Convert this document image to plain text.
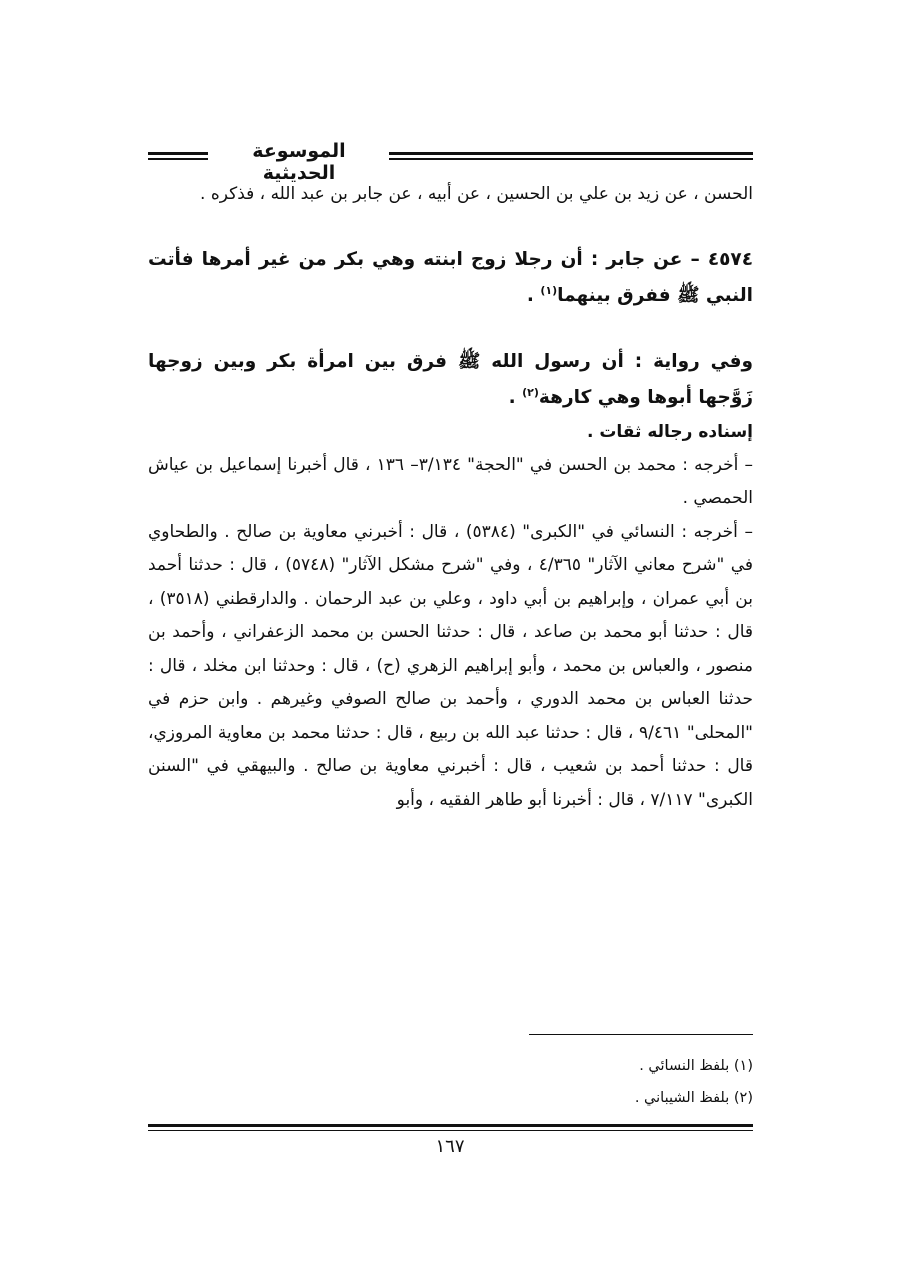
الموسوعة الحديثية

الحسن ، عن زيد بن علي بن الحسين ، عن أبيه ، عن جابر بن عبد الله ، فذكره .

٤٥٧٤ – عن جابر : أن رجلا زوج ابنته وهي بكر من غير أمرها فأتت النبي ﷺ ففرق بينهما$^{(١)}$ .

وفي رواية : أن رسول الله ﷺ فرق بين امرأة بكر وبين زوجها زَوَّجها أبوها وهي كارهة$^{(٢)}$ .

إسناده رجاله ثقات .

– أخرجه : محمد بن الحسن في "الحجة" ٣/١٣٤– ١٣٦ ، قال أخبرنا إسماعيل بن عياش الحمصي .

– أخرجه : النسائي في "الكبرى" (٥٣٨٤) ، قال : أخبرني معاوية بن صالح . والطحاوي في "شرح معاني الآثار" ٤/٣٦٥ ، وفي "شرح مشكل الآثار" (٥٧٤٨) ، قال : حدثنا أحمد بن أبي عمران ، وإبراهيم بن أبي داود ، وعلي بن عبد الرحمان . والدارقطني (٣٥١٨) ، قال : حدثنا أبو محمد بن صاعد ، قال : حدثنا الحسن بن محمد الزعفراني ، وأحمد بن منصور ، والعباس بن محمد ، وأبو إبراهيم الزهري (ح) ، قال : وحدثنا ابن مخلد ، قال : حدثنا العباس بن محمد الدوري ، وأحمد بن صالح الصوفي وغيرهم . وابن حزم في "المحلى" ٩/٤٦١ ، قال : حدثنا عبد الله بن ربيع ، قال : حدثنا محمد بن معاوية المروزي، قال : حدثنا أحمد بن شعيب ، قال : أخبرني معاوية بن صالح . والبيهقي في "السنن الكبرى" ٧/١١٧ ، قال : أخبرنا أبو طاهر الفقيه ، وأبو

(١) بلفظ النسائي .

(٢) بلفظ الشيباني .

١٦٧
